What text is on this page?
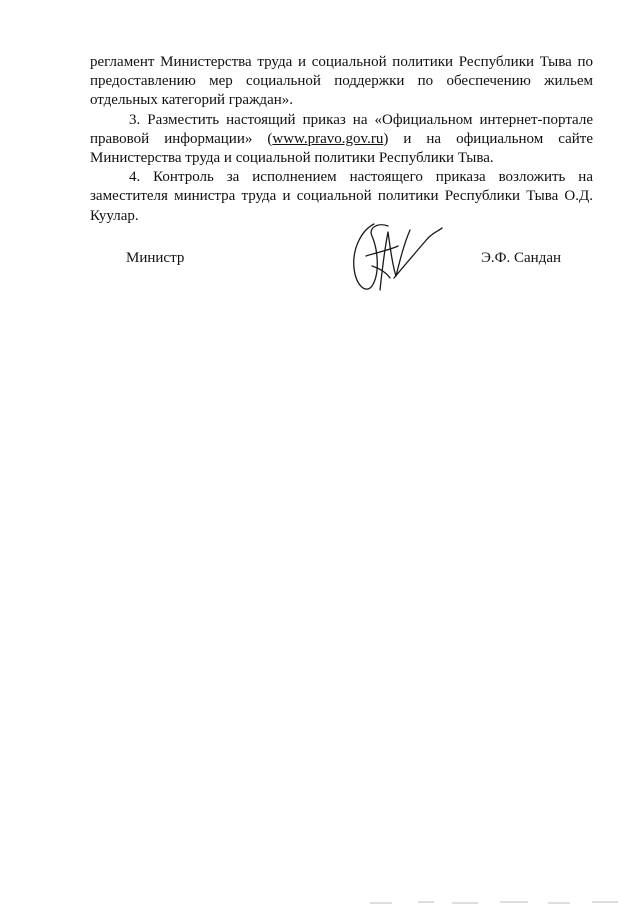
регламент Министерства труда и социальной политики Республики Тыва по предоставлению мер социальной поддержки по обеспечению жильем отдельных категорий граждан».

3. Разместить настоящий приказ на «Официальном интернет-портале правовой информации» (www.pravo.gov.ru) и на официальном сайте Министерства труда и социальной политики Республики Тыва.

4. Контроль за исполнением настоящего приказа возложить на заместителя министра труда и социальной политики Республики Тыва О.Д. Куулар.

Министр	Э.Ф. Сандан
